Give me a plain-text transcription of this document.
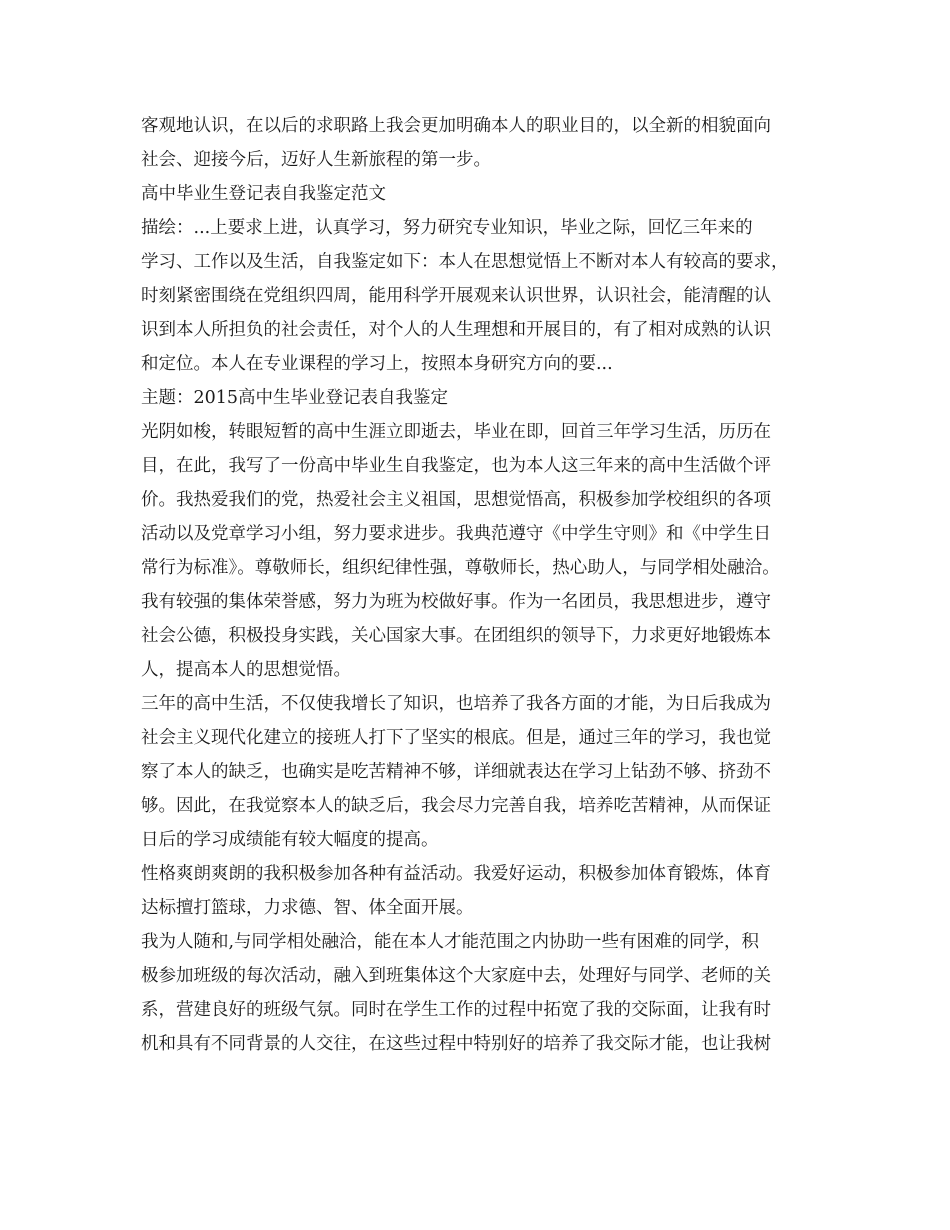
客观地认识，在以后的求职路上我会更加明确本人的职业目的，以全新的相貌面向
社会、迎接今后，迈好人生新旅程的第一步。
高中毕业生登记表自我鉴定范文
描绘：...上要求上进，认真学习，努力研究专业知识，毕业之际，回忆三年来的
学习、工作以及生活，自我鉴定如下：本人在思想觉悟上不断对本人有较高的要求，
时刻紧密围绕在党组织四周，能用科学开展观来认识世界，认识社会，能清醒的认
识到本人所担负的社会责任，对个人的人生理想和开展目的，有了相对成熟的认识
和定位。本人在专业课程的学习上，按照本身研究方向的要...
主题：2015高中生毕业登记表自我鉴定
光阴如梭，转眼短暂的高中生涯立即逝去，毕业在即，回首三年学习生活，历历在
目，在此，我写了一份高中毕业生自我鉴定，也为本人这三年来的高中生活做个评
价。我热爱我们的党，热爱社会主义祖国，思想觉悟高，积极参加学校组织的各项
活动以及党章学习小组，努力要求进步。我典范遵守《中学生守则》和《中学生日
常行为标准》。尊敬师长，组织纪律性强，尊敬师长，热心助人，与同学相处融洽。
我有较强的集体荣誉感，努力为班为校做好事。作为一名团员，我思想进步，遵守
社会公德，积极投身实践，关心国家大事。在团组织的领导下，力求更好地锻炼本
人，提高本人的思想觉悟。
三年的高中生活，不仅使我增长了知识，也培养了我各方面的才能，为日后我成为
社会主义现代化建立的接班人打下了坚实的根底。但是，通过三年的学习，我也觉
察了本人的缺乏，也确实是吃苦精神不够，详细就表达在学习上钻劲不够、挤劲不
够。因此，在我觉察本人的缺乏后，我会尽力完善自我，培养吃苦精神，从而保证
日后的学习成绩能有较大幅度的提高。
性格爽朗爽朗的我积极参加各种有益活动。我爱好运动，积极参加体育锻炼，体育
达标擅打篮球，力求德、智、体全面开展。
我为人随和,与同学相处融洽，能在本人才能范围之内协助一些有困难的同学，积
极参加班级的每次活动，融入到班集体这个大家庭中去，处理好与同学、老师的关
系，营建良好的班级气氛。同时在学生工作的过程中拓宽了我的交际面，让我有时
机和具有不同背景的人交往，在这些过程中特别好的培养了我交际才能，也让我树
